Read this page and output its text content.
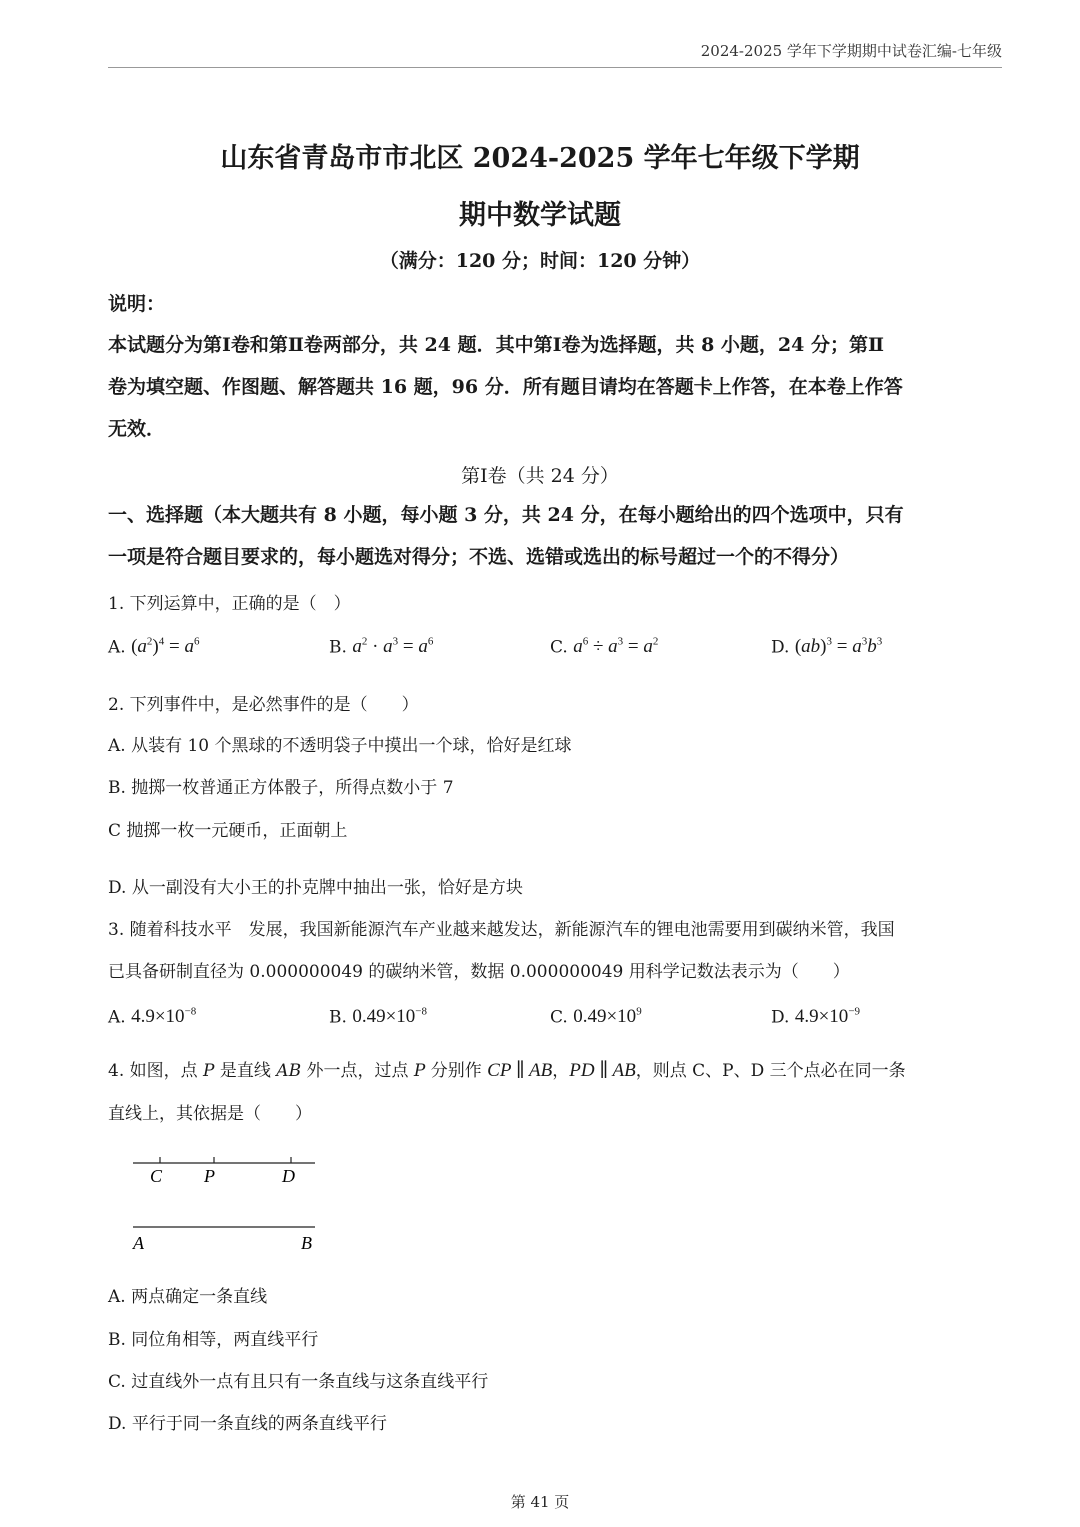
2024-2025 学年下学期期中试卷汇编-七年级
山东省青岛市市北区 2024-2025 学年七年级下学期
期中数学试题
（满分：120 分；时间：120 分钟）
说明：
本试题分为第Ⅰ卷和第Ⅱ卷两部分，共 24 题．其中第Ⅰ卷为选择题，共 8 小题，24 分；第Ⅱ
卷为填空题、作图题、解答题共 16 题，96 分．所有题目请均在答题卡上作答，在本卷上作答
无效．
第Ⅰ卷（共 24 分）
一、选择题（本大题共有 8 小题，每小题 3 分，共 24 分，在每小题给出的四个选项中，只有
一项是符合题目要求的，每小题选对得分；不选、选错或选出的标号超过一个的不得分）
1. 下列运算中，正确的是（　）
A. $(a^2)^4 = a^6$	B. $a^2 \cdot a^3 = a^6$	C. $a^6 \div a^3 = a^2$	D. $(ab)^3 = a^3b^3$
2. 下列事件中，是必然事件的是（　　）
A. 从装有 10 个黑球的不透明袋子中摸出一个球，恰好是红球
B. 抛掷一枚普通正方体骰子，所得点数小于 7
C 抛掷一枚一元硬币，正面朝上
D. 从一副没有大小王的扑克牌中抽出一张，恰好是方块
3. 随着科技水平　发展，我国新能源汽车产业越来越发达，新能源汽车的锂电池需要用到碳纳米管，我国
已具备研制直径为 0.000000049 的碳纳米管，数据 0.000000049 用科学记数法表示为（　　）
A. $4.9\times 10^{-8}$	B. $0.49\times 10^{-8}$	C. $0.49\times 10^9$	D. $4.9\times 10^{-9}$
4. 如图，点 P 是直线 AB 外一点，过点 P 分别作 CP ∥ AB，PD ∥ AB，则点 C、P、D 三个点必在同一条
直线上，其依据是（　　）
C P	D
A	B
A. 两点确定一条直线
B. 同位角相等，两直线平行
C. 过直线外一点有且只有一条直线与这条直线平行
D. 平行于同一条直线的两条直线平行
第 41 页
